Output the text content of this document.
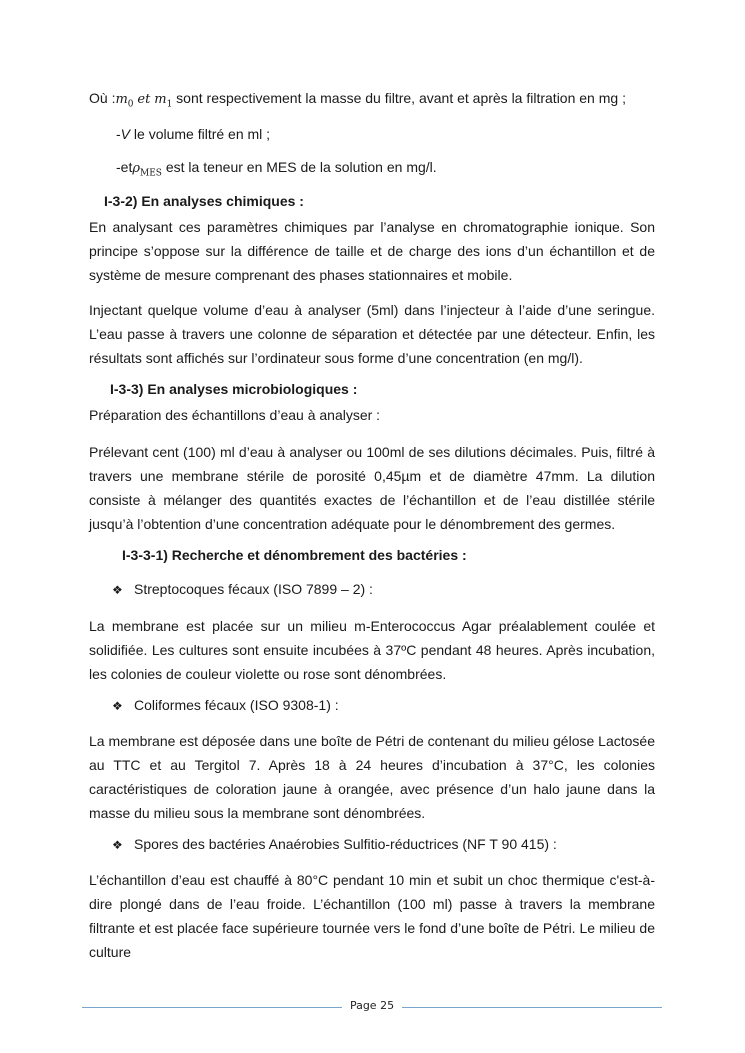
Où $:m_0$ et $m_1$ sont respectivement la masse du filtre, avant et après la filtration en mg ;
-V le volume filtré en ml ;
-etρ$_{MES}$ est la teneur en MES de la solution en mg/l.
I-3-2) En analyses chimiques :
En analysant ces paramètres chimiques par l’analyse en chromatographie ionique. Son principe s’oppose sur la différence de taille et de charge des ions d’un échantillon et de système de mesure comprenant des phases stationnaires et mobile.
Injectant quelque volume d’eau à analyser (5ml) dans l’injecteur à l’aide d’une seringue. L’eau passe à travers une colonne de séparation et détectée par une détecteur. Enfin, les résultats sont affichés sur l’ordinateur sous forme d’une concentration (en mg/l).
I-3-3) En analyses microbiologiques :
Préparation des échantillons d’eau à analyser :
Prélevant cent (100) ml d’eau à analyser ou 100ml de ses dilutions décimales. Puis, filtré à travers une membrane stérile de porosité 0,45µm et de diamètre 47mm. La dilution consiste à mélanger des quantités exactes de l’échantillon et de l’eau distillée stérile jusqu’à l’obtention d’une concentration adéquate pour le dénombrement des germes.
I-3-3-1) Recherche et dénombrement des bactéries :
❖ Streptocoques fécaux (ISO 7899 – 2) :
La membrane est placée sur un milieu m-Enterococcus Agar préalablement coulée et solidifiée. Les cultures sont ensuite incubées à 37ºC pendant 48 heures. Après incubation, les colonies de couleur violette ou rose sont dénombrées.
❖ Coliformes fécaux (ISO 9308-1) :
La membrane est déposée dans une boîte de Pétri de contenant du milieu gélose Lactosée au TTC et au Tergitol 7. Après 18 à 24 heures d’incubation à 37°C, les colonies caractéristiques de coloration jaune à orangée, avec présence d’un halo jaune dans la masse du milieu sous la membrane sont dénombrées.
❖ Spores des bactéries Anaérobies Sulfitio-réductrices (NF T 90 415) :
L’échantillon d’eau est chauffé à 80°C pendant 10 min et subit un choc thermique c'est-à-dire plongé dans de l’eau froide. L’échantillon (100 ml) passe à travers la membrane filtrante et est placée face supérieure tournée vers le fond d’une boîte de Pétri. Le milieu de culture
Page 25
